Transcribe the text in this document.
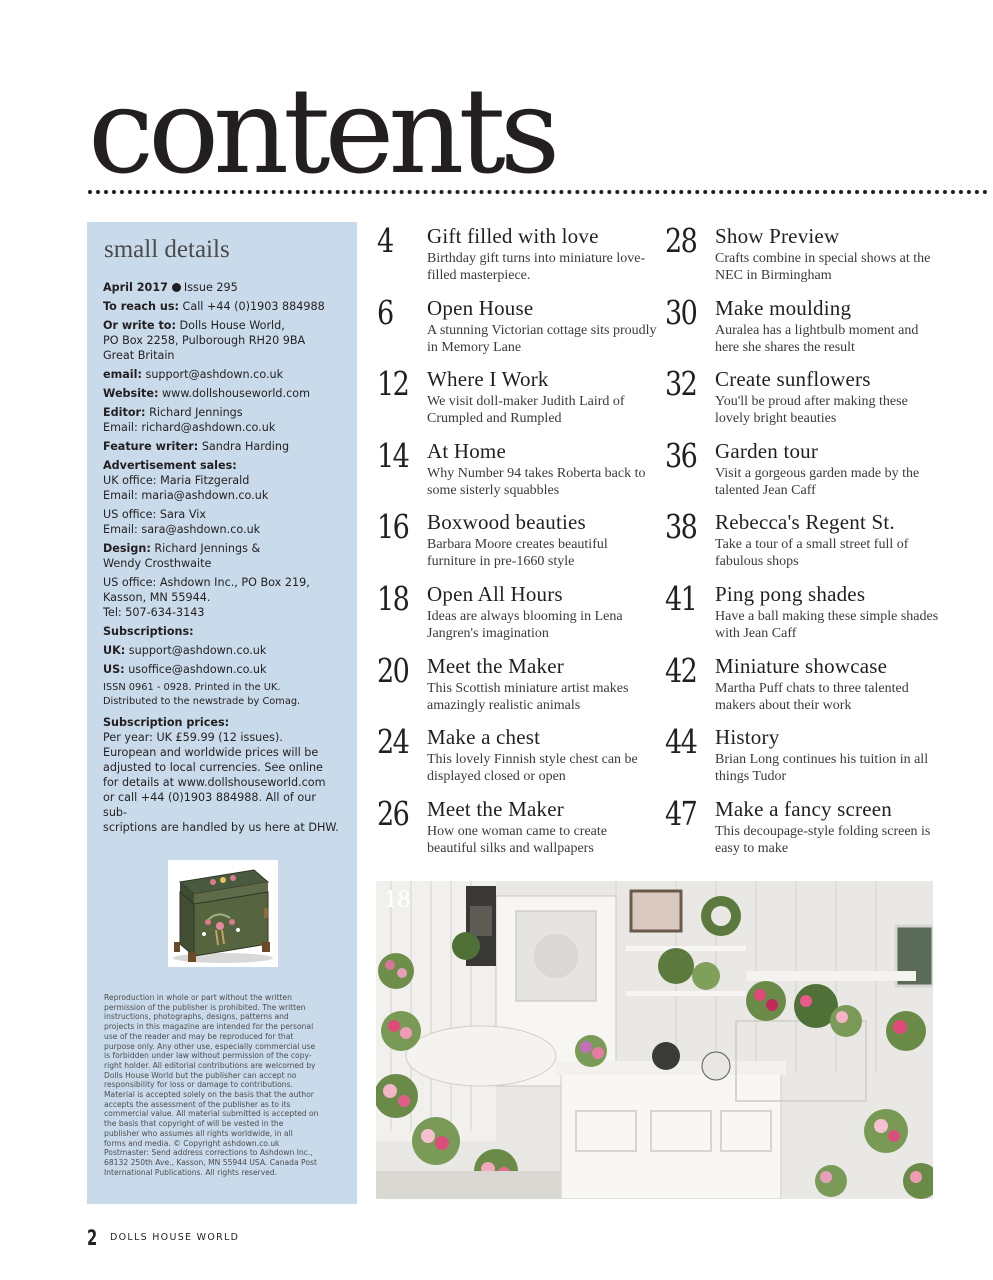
contents
small details

April 2017 Issue 295

To reach us: Call +44 (0)1903 884988

Or write to: Dolls House World,

PO Box 2258, Pulborough RH20 9BA

Great Britain

email: support@ashdown.co.uk

Website: www.dollshouseworld.com

Editor: Richard Jennings

Email: richard@ashdown.co.uk

Feature writer: Sandra Harding

Advertisement sales:

UK office: Maria Fitzgerald

Email: maria@ashdown.co.uk

US office: Sara Vix

Email: sara@ashdown.co.uk

Design: Richard Jennings &

Wendy Crosthwaite

US office: Ashdown Inc., PO Box 219,

Kasson, MN 55944.

Tel: 507-634-3143

Subscriptions:

UK: support@ashdown.co.uk

US: usoffice@ashdown.co.uk

ISSN 0961 - 0928. Printed in the UK.

Distributed to the newstrade by Comag.

Subscription prices:

Per year: UK £59.99 (12 issues).

European and worldwide prices will be

adjusted to local currencies. See online

for details at www.dollshouseworld.com

or call +44 (0)1903 884988. All of our sub-

scriptions are handled by us here at DHW.

Reproduction in whole or part without the written
permission of the publisher is prohibited. The written
instructions, photographs, designs, patterns and
projects in this magazine are intended for the personal
use of the reader and may be reproduced for that
purpose only. Any other use, especially commercial use
is forbidden under law without permission of the copy-
right holder. All editorial contributions are welcomed by
Dolls House World but the publisher can accept no
responsibility for loss or damage to contributions.
Material is accepted solely on the basis that the author
accepts the assessment of the publisher as to its
commercial value. All material submitted is accepted on
the basis that copyright of will be vested in the
publisher who assumes all rights worldwide, in all
forms and media. © Copyright ashdown.co.uk
Postmaster: Send address corrections to Ashdown Inc.,
68132 250th Ave., Kasson, MN 55944 USA. Canada Post
International Publications. All rights reserved.
4	Gift filled with love
Birthday gift turns into miniature love-filled masterpiece.
6	Open House
A stunning Victorian cottage sits proudly in Memory Lane
12 Where I Work
We visit doll-maker Judith Laird of Crumpled and Rumpled
14 At Home
Why Number 94 takes Roberta back to some sisterly squabbles
16 Boxwood beauties
Barbara Moore creates beautiful furniture in pre-1660 style
18 Open All Hours
Ideas are always blooming in Lena Jangren's imagination
20 Meet the Maker
This Scottish miniature artist makes amazingly realistic animals
24 Make a chest
This lovely Finnish style chest can be displayed closed or open
26 Meet the Maker
How one woman came to create beautiful silks and wallpapers
28 Show Preview
Crafts combine in special shows at the NEC in Birmingham
30 Make moulding
Auralea has a lightbulb moment and here she shares the result
32 Create sunflowers
You'll be proud after making these lovely bright beauties
36 Garden tour
Visit a gorgeous garden made by the talented Jean Caff
38 Rebecca's Regent St.
Take a tour of a small street full of fabulous shops
41 Ping pong shades
Have a ball making these simple shades with Jean Caff
42 Miniature showcase
Martha Puff chats to three talented makers about their work
44 History
Brian Long continues his tuition in all things Tudor
47 Make a fancy screen
This decoupage-style folding screen is easy to make
18
2 DOLLS HOUSE WORLD
